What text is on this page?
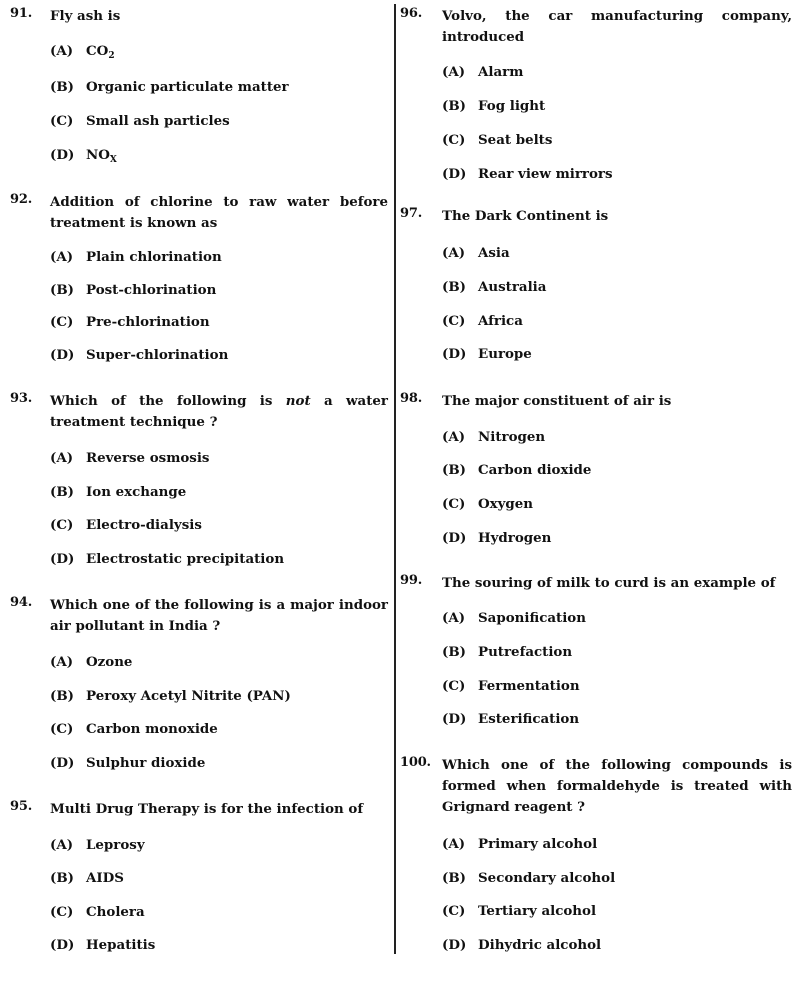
91. Fly ash is
(A) $CO_2$
(B) Organic particulate matter
(C) Small ash particles
(D) $NO_X$
92. Addition of chlorine to raw water before treatment is known as
(A) Plain chlorination
(B) Post-chlorination
(C) Pre-chlorination
(D) Super-chlorination
93. Which of the following is not a water treatment technique ?
(A) Reverse osmosis
(B) Ion exchange
(C) Electro-dialysis
(D) Electrostatic precipitation
94. Which one of the following is a major indoor air pollutant in India ?
(A) Ozone
(B) Peroxy Acetyl Nitrite (PAN)
(C) Carbon monoxide
(D) Sulphur dioxide
95. Multi Drug Therapy is for the infection of
(A) Leprosy
(B) AIDS
(C) Cholera
(D) Hepatitis
96. Volvo, the car manufacturing company, introduced
(A) Alarm
(B) Fog light
(C) Seat belts
(D) Rear view mirrors
97. The Dark Continent is
(A) Asia
(B) Australia
(C) Africa
(D) Europe
98. The major constituent of air is
(A) Nitrogen
(B) Carbon dioxide
(C) Oxygen
(D) Hydrogen
99. The souring of milk to curd is an example of
(A) Saponification
(B) Putrefaction
(C) Fermentation
(D) Esterification
100. Which one of the following compounds is formed when formaldehyde is treated with Grignard reagent ?
(A) Primary alcohol
(B) Secondary alcohol
(C) Tertiary alcohol
(D) Dihydric alcohol
